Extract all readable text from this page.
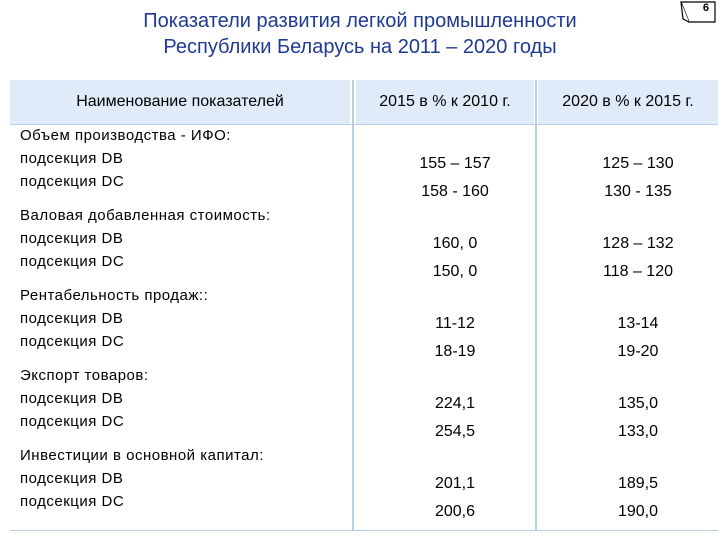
Показатели развития легкой промышленности
Республики Беларусь на 2011 – 2020 годы
6
Наименование показателей	2015 в % к 2010 г.	2020 в % к 2015 г.
Объем производства - ИФО:
подсекция DB
подсекция DC
155 – 157
158 - 160
125 – 130
130 - 135
Валовая добавленная стоимость:
подсекция DB
подсекция DC
160, 0
150, 0
128 – 132
118 – 120
Рентабельность продаж::
подсекция DB
подсекция DC
11-12
18-19
13-14
19-20
Экспорт товаров:
подсекция DB
подсекция DC
224,1
254,5
135,0
133,0
Инвестиции в основной капитал:
подсекция DB
подсекция DC
201,1
200,6
189,5
190,0
